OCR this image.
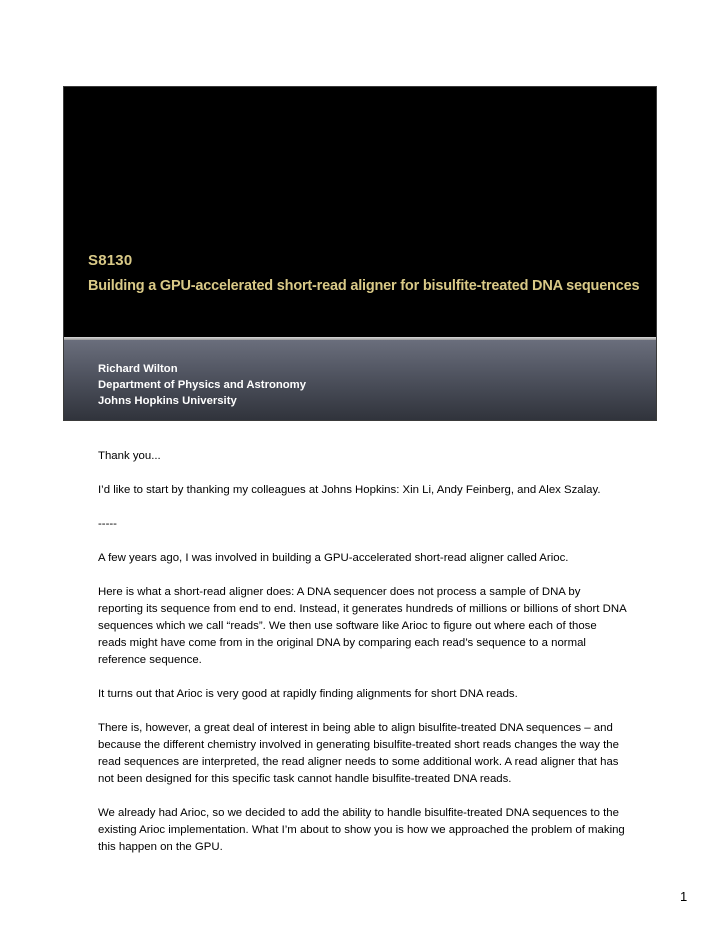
S8130
Building a GPU-accelerated short-read aligner for bisulfite-treated DNA sequences
Richard Wilton
Department of Physics and Astronomy
Johns Hopkins University

Thank you...

I’d like to start by thanking my colleagues at Johns Hopkins: Xin Li, Andy Feinberg, and Alex Szalay.

-----

A few years ago, I was involved in building a GPU-accelerated short-read aligner called Arioc.

Here is what a short-read aligner does: A DNA sequencer does not process a sample of DNA by reporting its sequence from end to end. Instead, it generates hundreds of millions or billions of short DNA sequences which we call “reads”. We then use software like Arioc to figure out where each of those reads might have come from in the original DNA by comparing each read’s sequence to a normal reference sequence.

It turns out that Arioc is very good at rapidly finding alignments for short DNA reads.

There is, however, a great deal of interest in being able to align bisulfite-treated DNA sequences – and because the different chemistry involved in generating bisulfite-treated short reads changes the way the read sequences are interpreted, the read aligner needs to some additional work. A read aligner that has not been designed for this specific task cannot handle bisulfite-treated DNA reads.

We already had Arioc, so we decided to add the ability to handle bisulfite-treated DNA sequences to the existing Arioc implementation. What I’m about to show you is how we approached the problem of making this happen on the GPU.

1
